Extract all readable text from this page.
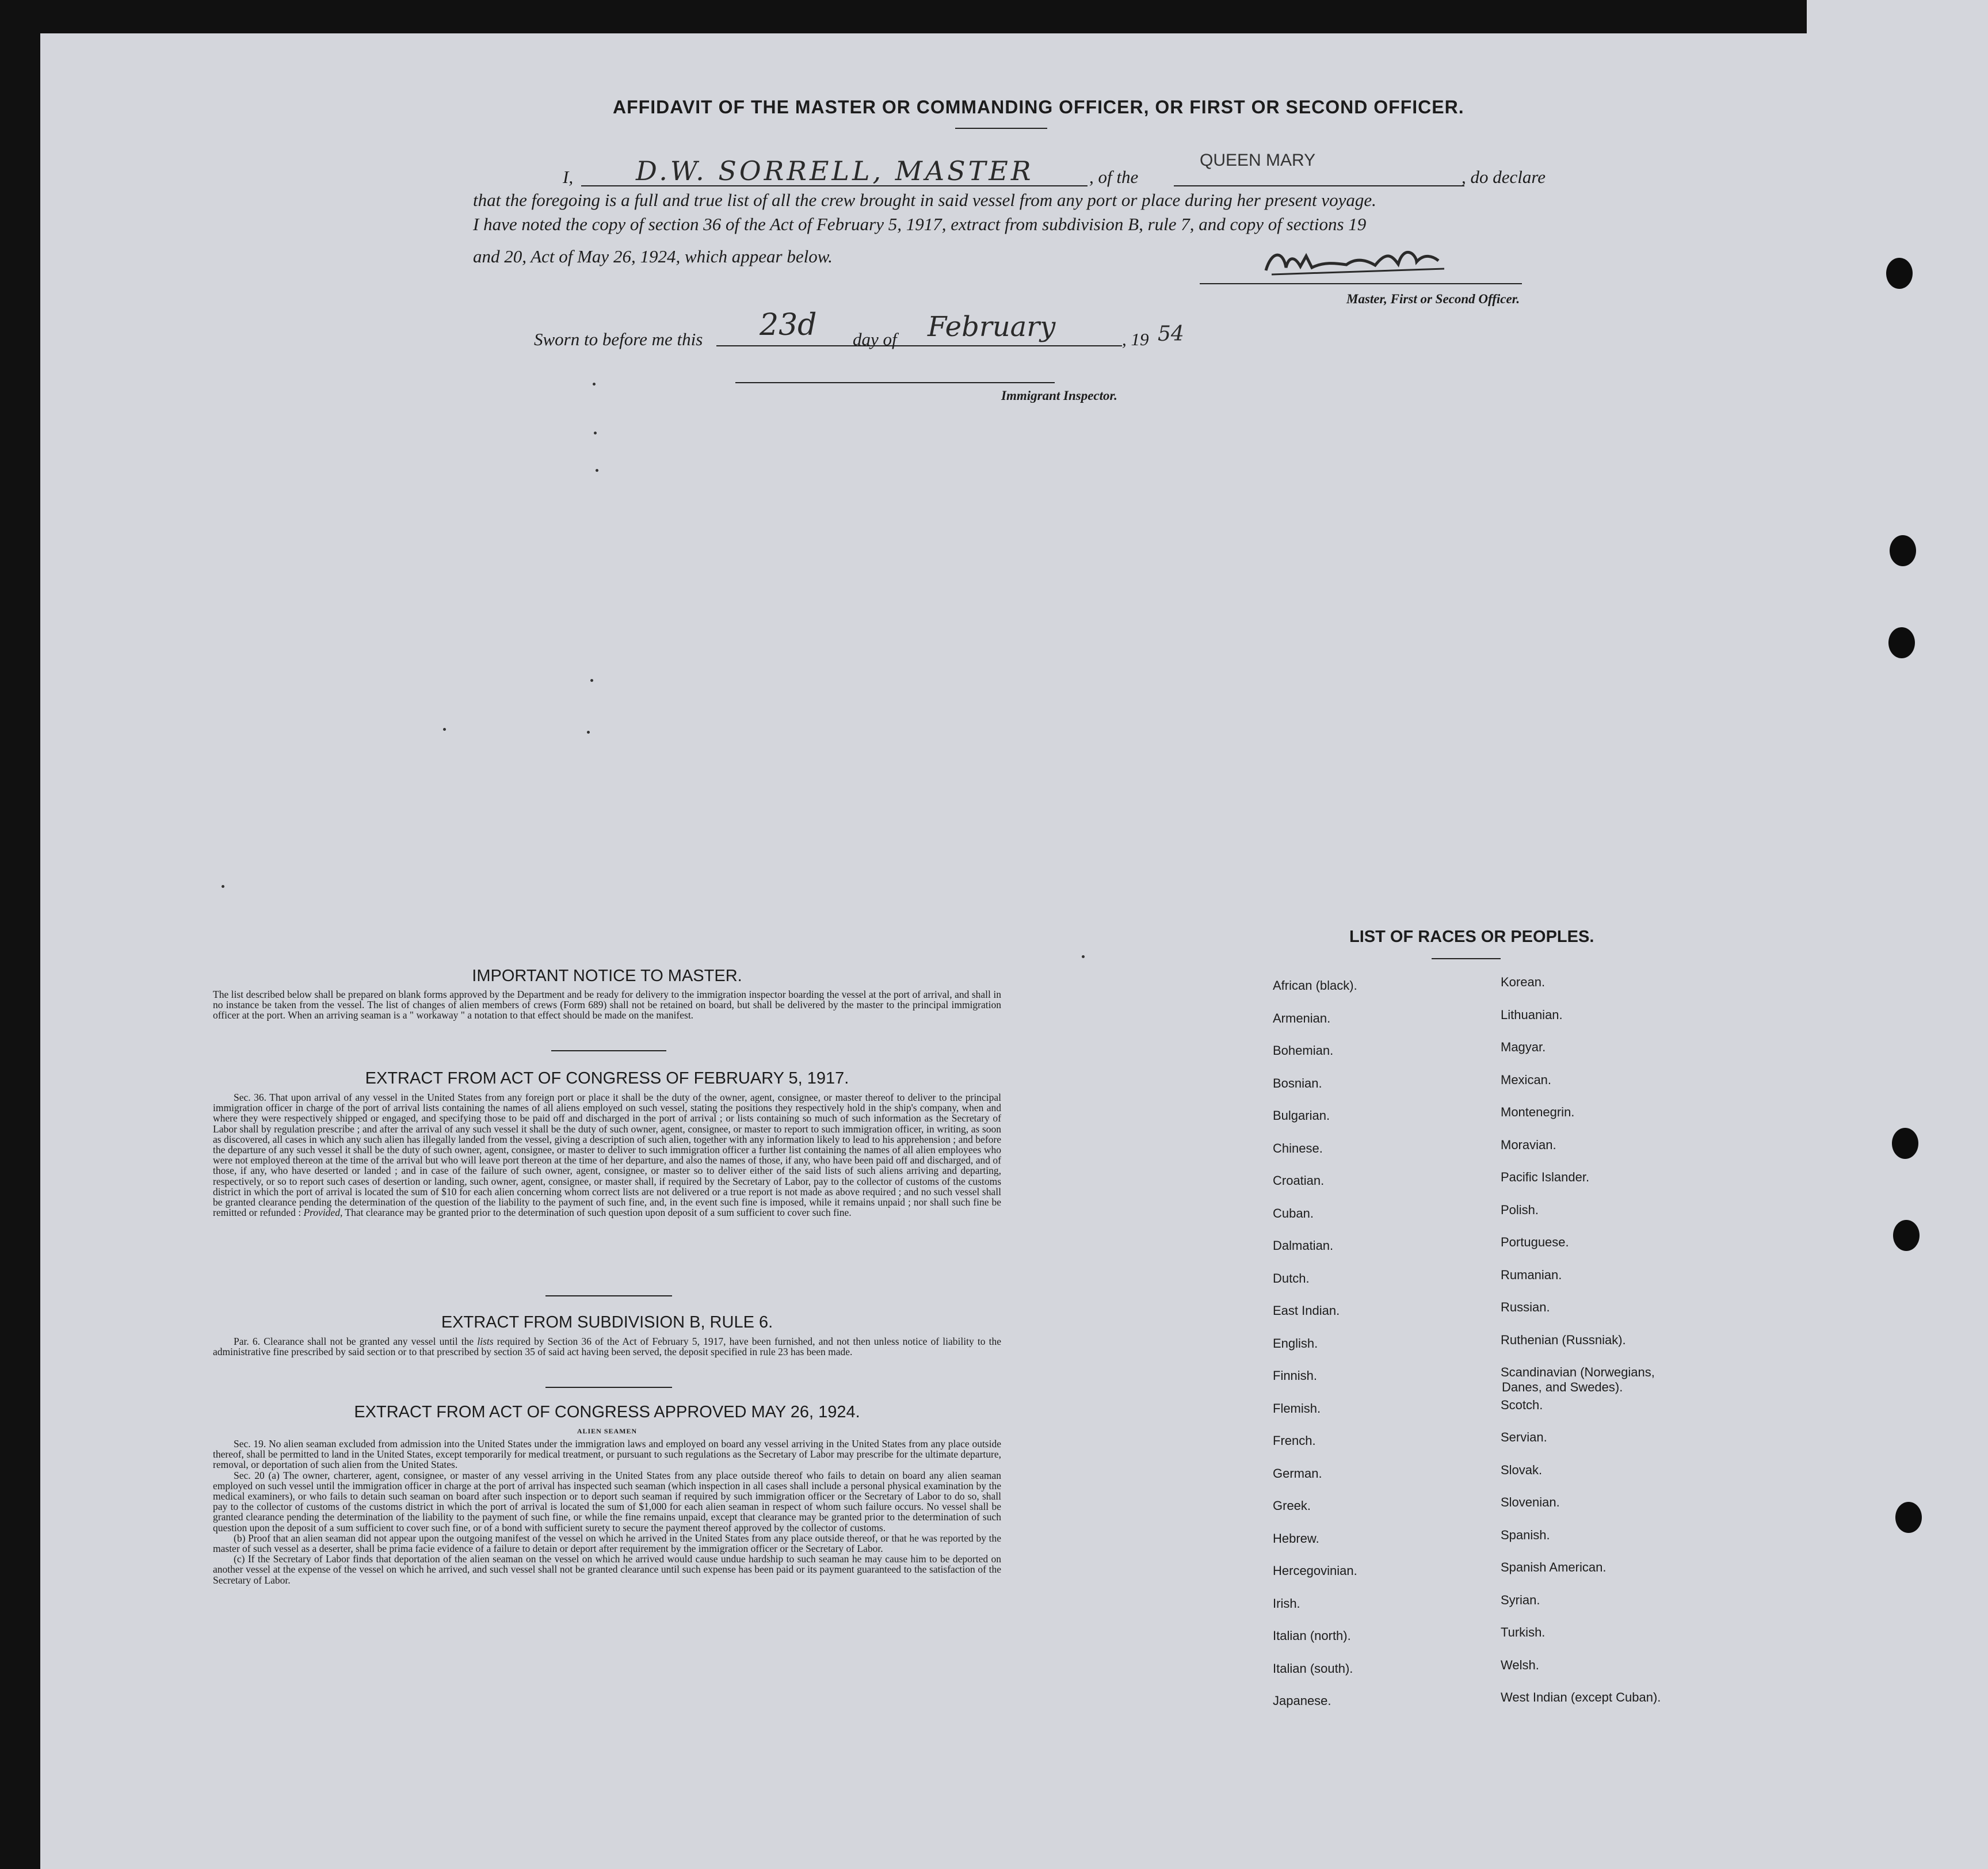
AFFIDAVIT OF THE MASTER OR COMMANDING OFFICER, OR FIRST OR SECOND OFFICER.
I, D.W. SORRELL, MASTER	, of the
QUEEN MARY
, do declare
that the foregoing is a full and true list of all the crew brought in said vessel from any port or place during her present voyage.
I have noted the copy of section 36 of the Act of February 5, 1917, extract from subdivision B, rule 7, and copy of sections 19
and 20, Act of May 26, 1924, which appear below.
Master, First or Second Officer.
Sworn to before me this 23d day of February	, 19 54
Immigrant Inspector.
IMPORTANT NOTICE TO MASTER.

The list described below shall be prepared on blank forms approved by the Department and be ready for delivery to the immigration inspector boarding the vessel at the port of arrival, and shall in no instance be taken from the vessel. The list of changes of alien members of crews (Form 689) shall not be retained on board, but shall be delivered by the master to the principal immigration officer at the port. When an arriving seaman is a " workaway " a notation to that effect should be made on the manifest.

EXTRACT FROM ACT OF CONGRESS OF FEBRUARY 5, 1917.

Sec. 36. That upon arrival of any vessel in the United States from any foreign port or place it shall be the duty of the owner, agent, consignee, or master thereof to deliver to the principal immigration officer in charge of the port of arrival lists containing the names of all aliens employed on such vessel, stating the positions they respectively hold in the ship's company, when and where they were respectively shipped or engaged, and specifying those to be paid off and discharged in the port of arrival ; or lists containing so much of such information as the Secretary of Labor shall by regulation prescribe ; and after the arrival of any such vessel it shall be the duty of such owner, agent, consignee, or master to report to such immigration officer, in writing, as soon as discovered, all cases in which any such alien has illegally landed from the vessel, giving a description of such alien, together with any information likely to lead to his apprehension ; and before the departure of any such vessel it shall be the duty of such owner, agent, consignee, or master to deliver to such immigration officer a further list containing the names of all alien employees who were not employed thereon at the time of the arrival but who will leave port thereon at the time of her departure, and also the names of those, if any, who have been paid off and discharged, and of those, if any, who have deserted or landed ; and in case of the failure of such owner, agent, consignee, or master so to deliver either of the said lists of such aliens arriving and departing, respectively, or so to report such cases of desertion or landing, such owner, agent, consignee, or master shall, if required by the Secretary of Labor, pay to the collector of customs of the customs district in which the port of arrival is located the sum of $10 for each alien concerning whom correct lists are not delivered or a true report is not made as above required ; and no such vessel shall be granted clearance pending the determination of the question of the liability to the payment of such fine, and, in the event such fine is imposed, while it remains unpaid ; nor shall such fine be remitted or refunded : Provided, That clearance may be granted prior to the determination of such question upon deposit of a sum sufficient to cover such fine.

EXTRACT FROM SUBDIVISION B, RULE 6.

Par. 6. Clearance shall not be granted any vessel until the lists required by Section 36 of the Act of February 5, 1917, have been furnished, and not then unless notice of liability to the administrative fine prescribed by said section or to that prescribed by section 35 of said act having been served, the deposit specified in rule 23 has been made.

EXTRACT FROM ACT OF CONGRESS APPROVED MAY 26, 1924.
ALIEN SEAMEN

Sec. 19. No alien seaman excluded from admission into the United States under the immigration laws and employed on board any vessel arriving in the United States from any place outside thereof, shall be permitted to land in the United States, except temporarily for medical treatment, or pursuant to such regulations as the Secretary of Labor may prescribe for the ultimate departure, removal, or deportation of such alien from the United States.

Sec. 20 (a) The owner, charterer, agent, consignee, or master of any vessel arriving in the United States from any place outside thereof who fails to detain on board any alien seaman employed on such vessel until the immigration officer in charge at the port of arrival has inspected such seaman (which inspection in all cases shall include a personal physical examination by the medical examiners), or who fails to detain such seaman on board after such inspection or to deport such seaman if required by such immigration officer or the Secretary of Labor to do so, shall pay to the collector of customs of the customs district in which the port of arrival is located the sum of $1,000 for each alien seaman in respect of whom such failure occurs. No vessel shall be granted clearance pending the determination of the liability to the payment of such fine, or while the fine remains unpaid, except that clearance may be granted prior to the determination of such question upon the deposit of a sum sufficient to cover such fine, or of a bond with sufficient surety to secure the payment thereof approved by the collector of customs.

(b) Proof that an alien seaman did not appear upon the outgoing manifest of the vessel on which he arrived in the United States from any place outside thereof, or that he was reported by the master of such vessel as a deserter, shall be prima facie evidence of a failure to detain or deport after requirement by the immigration officer or the Secretary of Labor.

(c) If the Secretary of Labor finds that deportation of the alien seaman on the vessel on which he arrived would cause undue hardship to such seaman he may cause him to be deported on another vessel at the expense of the vessel on which he arrived, and such vessel shall not be granted clearance until such expense has been paid or its payment guaranteed to the satisfaction of the Secretary of Labor.

LIST OF RACES OR PEOPLES.
African (black).
Armenian.
Bohemian.
Bosnian.
Bulgarian.
Chinese.
Croatian.
Cuban.
Dalmatian.
Dutch.
East Indian.
English.
Finnish.
Flemish.
French.
German.
Greek.
Hebrew.
Hercegovinian.
Irish.
Italian (north).
Italian (south).
Japanese.
Korean.
Lithuanian.
Magyar.
Mexican.
Montenegrin.
Moravian.
Pacific Islander.
Polish.
Portuguese.
Rumanian.
Russian.
Ruthenian (Russniak).
Scandinavian (Norwegians,
Danes, and Swedes).
Scotch.
Servian.
Slovak.
Slovenian.
Spanish.
Spanish American.
Syrian.
Turkish.
Welsh.
West Indian (except Cuban).
